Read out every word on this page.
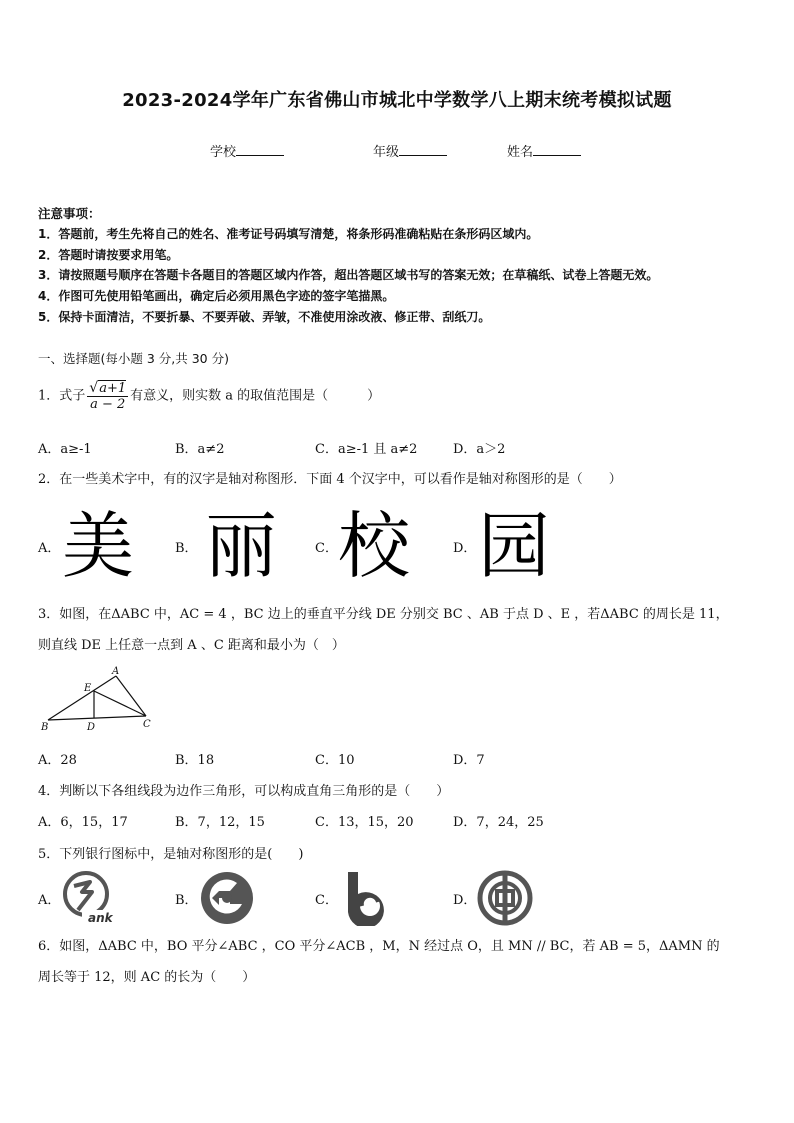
2023-2024学年广东省佛山市城北中学数学八上期末统考模拟试题
学校	年级	姓名
注意事项：
1．答题前，考生先将自己的姓名、准考证号码填写清楚，将条形码准确粘贴在条形码区域内。
2．答题时请按要求用笔。
3．请按照题号顺序在答题卡各题目的答题区域内作答，超出答题区域书写的答案无效；在草稿纸、试卷上答题无效。
4．作图可先使用铅笔画出，确定后必须用黑色字迹的签字笔描黑。
5．保持卡面清洁，不要折暴、不要弄破、弄皱，不准使用涂改液、修正带、刮纸刀。
一、选择题(每小题 3 分,共 30 分)
1．式子 $\frac{√a+1}{a - 2}$ 有意义，则实数 a 的取值范围是（　　　）
A．a≥-1	B．a≠2	C．a≥-1 且 a≠2	D．a＞2
2．在一些美术字中，有的汉字是轴对称图形．下面 4 个汉字中，可以看作是轴对称图形的是（　　）
A． 美	B． 丽	C． 校	D． 园
3．如图，在ΔABC 中，AC = 4 ，BC 边上的垂直平分线 DE 分别交 BC 、AB 于点 D 、E ，若ΔABC 的周长是 11，
则直线 DE 上任意一点到 A 、C 距离和最小为（　）
A
E
B	D	C
A．28	B．18	C．10	D．7
4．判断以下各组线段为边作三角形，可以构成直角三角形的是（　　）
A．6，15，17	B．7，12，15	C．13，15，20	D．7，24，25
5．下列银行图标中，是轴对称图形的是(　　)
A．
ank
B．	C．	D．
6．如图，ΔABC 中，BO 平分∠ABC ，CO 平分∠ACB ，M，N 经过点 O，且 MN // BC，若 AB = 5，ΔAMN 的
周长等于 12，则 AC 的长为（　　）
